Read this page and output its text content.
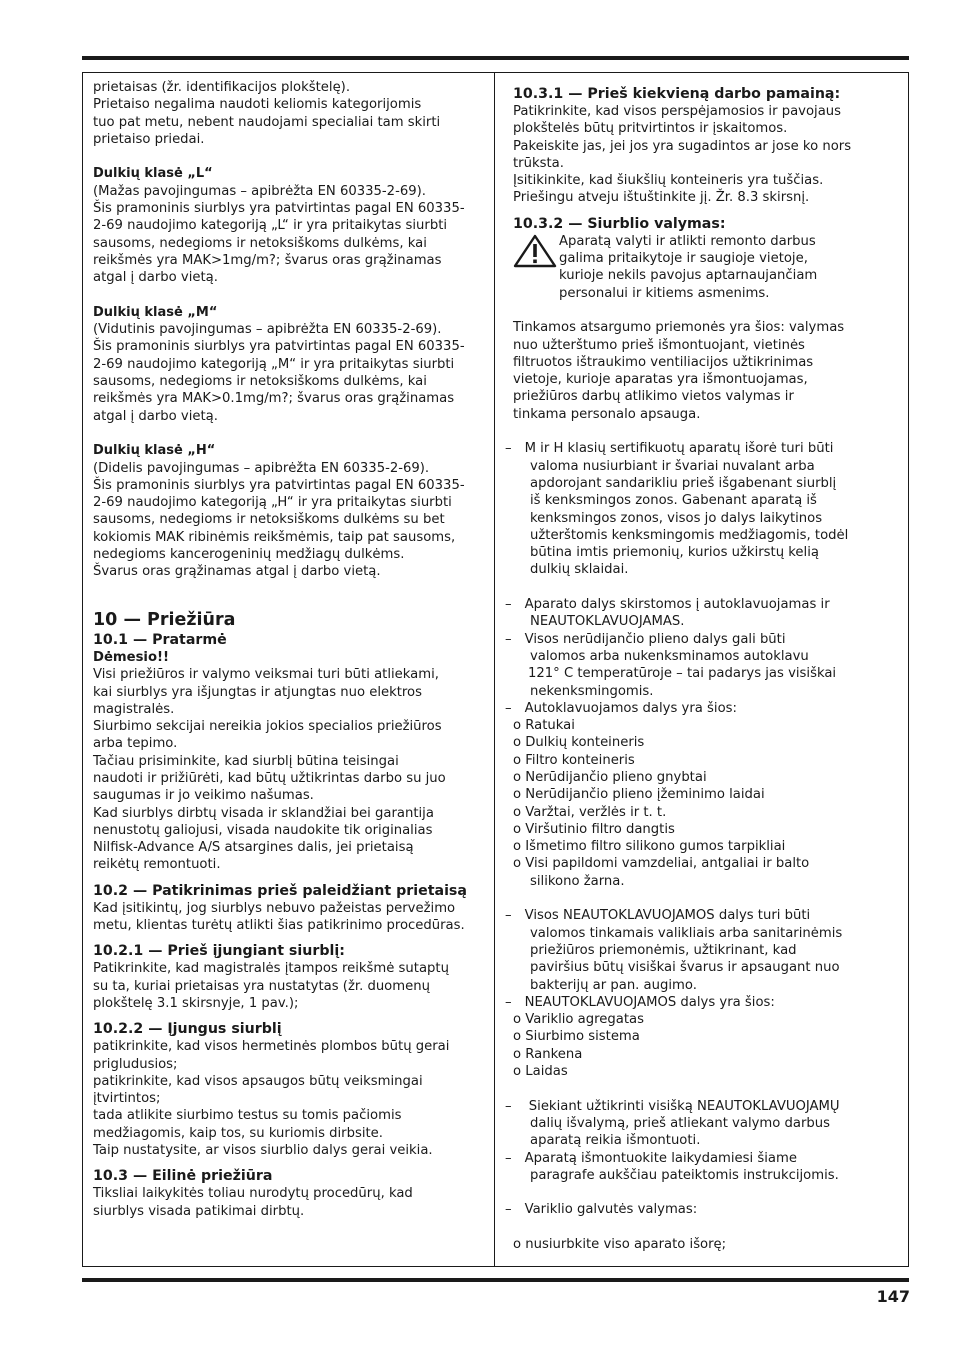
prietaisas (žr. identifikacijos plokštelę).
Prietaiso negalima naudoti keliomis kategorijomis
tuo pat metu, nebent naudojami specialiai tam skirti
prietaiso priedai.
Dulkių klasė „L“
(Mažas pavojingumas – apibrėžta EN 60335-2-69).
Šis pramoninis siurblys yra patvirtintas pagal EN 60335-
2-69 naudojimo kategoriją „L“ ir yra pritaikytas siurbti
sausoms, nedegioms ir netoksiškoms dulkėms, kai
reikšmės yra MAK>1mg/m?; švarus oras grąžinamas
atgal į darbo vietą.
Dulkių klasė „M“
(Vidutinis pavojingumas – apibrėžta EN 60335-2-69).
Šis pramoninis siurblys yra patvirtintas pagal EN 60335-
2-69 naudojimo kategoriją „M“ ir yra pritaikytas siurbti
sausoms, nedegioms ir netoksiškoms dulkėms, kai
reikšmės yra MAK>0.1mg/m?; švarus oras grąžinamas
atgal į darbo vietą.
Dulkių klasė „H“
(Didelis pavojingumas – apibrėžta EN 60335-2-69).
Šis pramoninis siurblys yra patvirtintas pagal EN 60335-
2-69 naudojimo kategoriją „H“ ir yra pritaikytas siurbti
sausoms, nedegioms ir netoksiškoms dulkėms su bet
kokiomis MAK ribinėmis reikšmėmis, taip pat sausoms,
nedegioms kancerogeninių medžiagų dulkėms.
Švarus oras grąžinamas atgal į darbo vietą.
10 — Priežiūra
10.1 — Pratarmė
Dėmesio!!
Visi priežiūros ir valymo veiksmai turi būti atliekami,
kai siurblys yra išjungtas ir atjungtas nuo elektros
magistralės.
Siurbimo sekcijai nereikia jokios specialios priežiūros
arba tepimo.
Tačiau prisiminkite, kad siurblį būtina teisingai
naudoti ir prižiūrėti, kad būtų užtikrintas darbo su juo
saugumas ir jo veikimo našumas.
Kad siurblys dirbtų visada ir sklandžiai bei garantija
nenustotų galiojusi, visada naudokite tik originalias
Nilfisk-Advance A/S atsargines dalis, jei prietaisą
reikėtų remontuoti.
10.2 — Patikrinimas prieš paleidžiant prietaisą
Kad įsitikintų, jog siurblys nebuvo pažeistas pervežimo
metu, klientas turėtų atlikti šias patikrinimo procedūras.
10.2.1 — Prieš įjungiant siurblį:
Patikrinkite, kad magistralės įtampos reikšmė sutaptų
su ta, kuriai prietaisas yra nustatytas (žr. duomenų
plokštelę 3.1 skirsnyje, 1 pav.);
10.2.2 — Įjungus siurblį
patikrinkite, kad visos hermetinės plombos būtų gerai
prigludusios;
patikrinkite, kad visos apsaugos būtų veiksmingai
įtvirtintos;
tada atlikite siurbimo testus su tomis pačiomis
medžiagomis, kaip tos, su kuriomis dirbsite.
Taip nustatysite, ar visos siurblio dalys gerai veikia.
10.3 — Eilinė priežiūra
Tiksliai laikykitės toliau nurodytų procedūrų, kad
siurblys visada patikimai dirbtų.
10.3.1 — Prieš kiekvieną darbo pamainą:
Patikrinkite, kad visos perspėjamosios ir pavojaus
plokštelės būtų pritvirtintos ir įskaitomos.
Pakeiskite jas, jei jos yra sugadintos ar jose ko nors
trūksta.
Įsitikinkite, kad šiukšlių konteineris yra tuščias.
Priešingu atveju ištuštinkite jį. Žr. 8.3 skirsnį.
10.3.2 — Siurblio valymas:
Aparatą valyti ir atlikti remonto darbus
galima pritaikytoje ir saugioje vietoje,
kurioje nekils pavojus aptarnaujančiam
personalui ir kitiems asmenims.
Tinkamos atsargumo priemonės yra šios: valymas
nuo užterštumo prieš išmontuojant, vietinės
filtruotos ištraukimo ventiliacijos užtikrinimas
vietoje, kurioje aparatas yra išmontuojamas,
priežiūros darbų atlikimo vietos valymas ir
tinkama personalo apsauga.
– M ir H klasių sertifikuotų aparatų išorė turi būti
valoma nusiurbiant ir švariai nuvalant arba
apdorojant sandarikliu prieš išgabenant siurblį
iš kenksmingos zonos. Gabenant aparatą iš
kenksmingos zonos, visos jo dalys laikytinos
užterštomis kenksmingomis medžiagomis, todėl
būtina imtis priemonių, kurios užkirstų kelią
dulkių sklaidai.
– Aparato dalys skirstomos į autoklavuojamas ir
NEAUTOKLAVUOJAMAS.
– Visos nerūdijančio plieno dalys gali būti
valomos arba nukenksminamos autoklavu
121° C temperatūroje – tai padarys jas visiškai
nekenksmingomis.
– Autoklavuojamos dalys yra šios:
o Ratukai
o Dulkių konteineris
o Filtro konteineris
o Nerūdijančio plieno gnybtai
o Nerūdijančio plieno įžeminimo laidai
o Varžtai, veržlės ir t. t.
o Viršutinio filtro dangtis
o Išmetimo filtro silikono gumos tarpikliai
o Visi papildomi vamzdeliai, antgaliai ir balto
silikono žarna.
– Visos NEAUTOKLAVUOJAMOS dalys turi būti
valomos tinkamais valikliais arba sanitarinėmis
priežiūros priemonėmis, užtikrinant, kad
paviršius būtų visiškai švarus ir apsaugant nuo
bakterijų ar pan. augimo.
– NEAUTOKLAVUOJAMOS dalys yra šios:
o Variklio agregatas
o Siurbimo sistema
o Rankena
o Laidas
– Siekiant užtikrinti visišką NEAUTOKLAVUOJAMŲ
dalių išvalymą, prieš atliekant valymo darbus
aparatą reikia išmontuoti.
– Aparatą išmontuokite laikydamiesi šiame
paragrafe aukščiau pateiktomis instrukcijomis.
– Variklio galvutės valymas:
o nusiurbkite viso aparato išorę;
147
